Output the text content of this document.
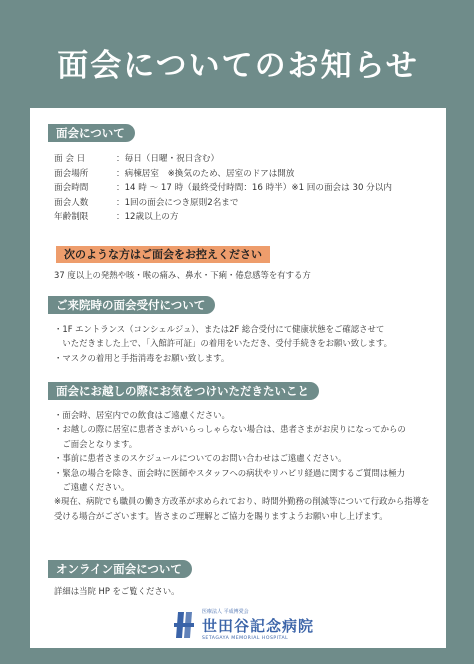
面会についてのお知らせ
面会について
面 会 日	：毎日（日曜・祝日含む）
面会場所	：病棟居室　※換気のため、居室のドアは開放
面会時間	：14 時 ～ 17 時（最終受付時間：16 時半）※1 回の面会は 30 分以内
面会人数	：1回の面会につき原則2名まで
年齢制限	：12歳以上の方
次のような方はご面会をお控えください
37 度以上の発熱や咳・喉の痛み、鼻水・下痢・倦怠感等を有する方
ご来院時の面会受付について
・1F エントランス（コンシェルジュ）、または2F 総合受付にて健康状態をご確認させて
　いただきました上で、「入館許可証」の着用をいただき、受付手続きをお願い致します。
・マスクの着用と手指消毒をお願い致します。
面会にお越しの際にお気をつけいただきたいこと
・面会時、居室内での飲食はご遠慮ください。
・お越しの際に居室に患者さまがいらっしゃらない場合は、患者さまがお戻りになってからの
　ご面会となります。
・事前に患者さまのスケジュールについてのお問い合わせはご遠慮ください。
・緊急の場合を除き、面会時に医師やスタッフへの病状やリハビリ経過に関するご質問は極力
　ご遠慮ください。
※現在、病院でも職員の働き方改革が求められており、時間外勤務の削減等について行政から指導を
受ける場合がございます。皆さまのご理解とご協力を賜りますようお願い申し上げます。
オンライン面会について
詳細は当院 HP をご覧ください。
医療法人 平成博愛会
世田谷記念病院
SETAGAYA MEMORIAL HOSPITAL
